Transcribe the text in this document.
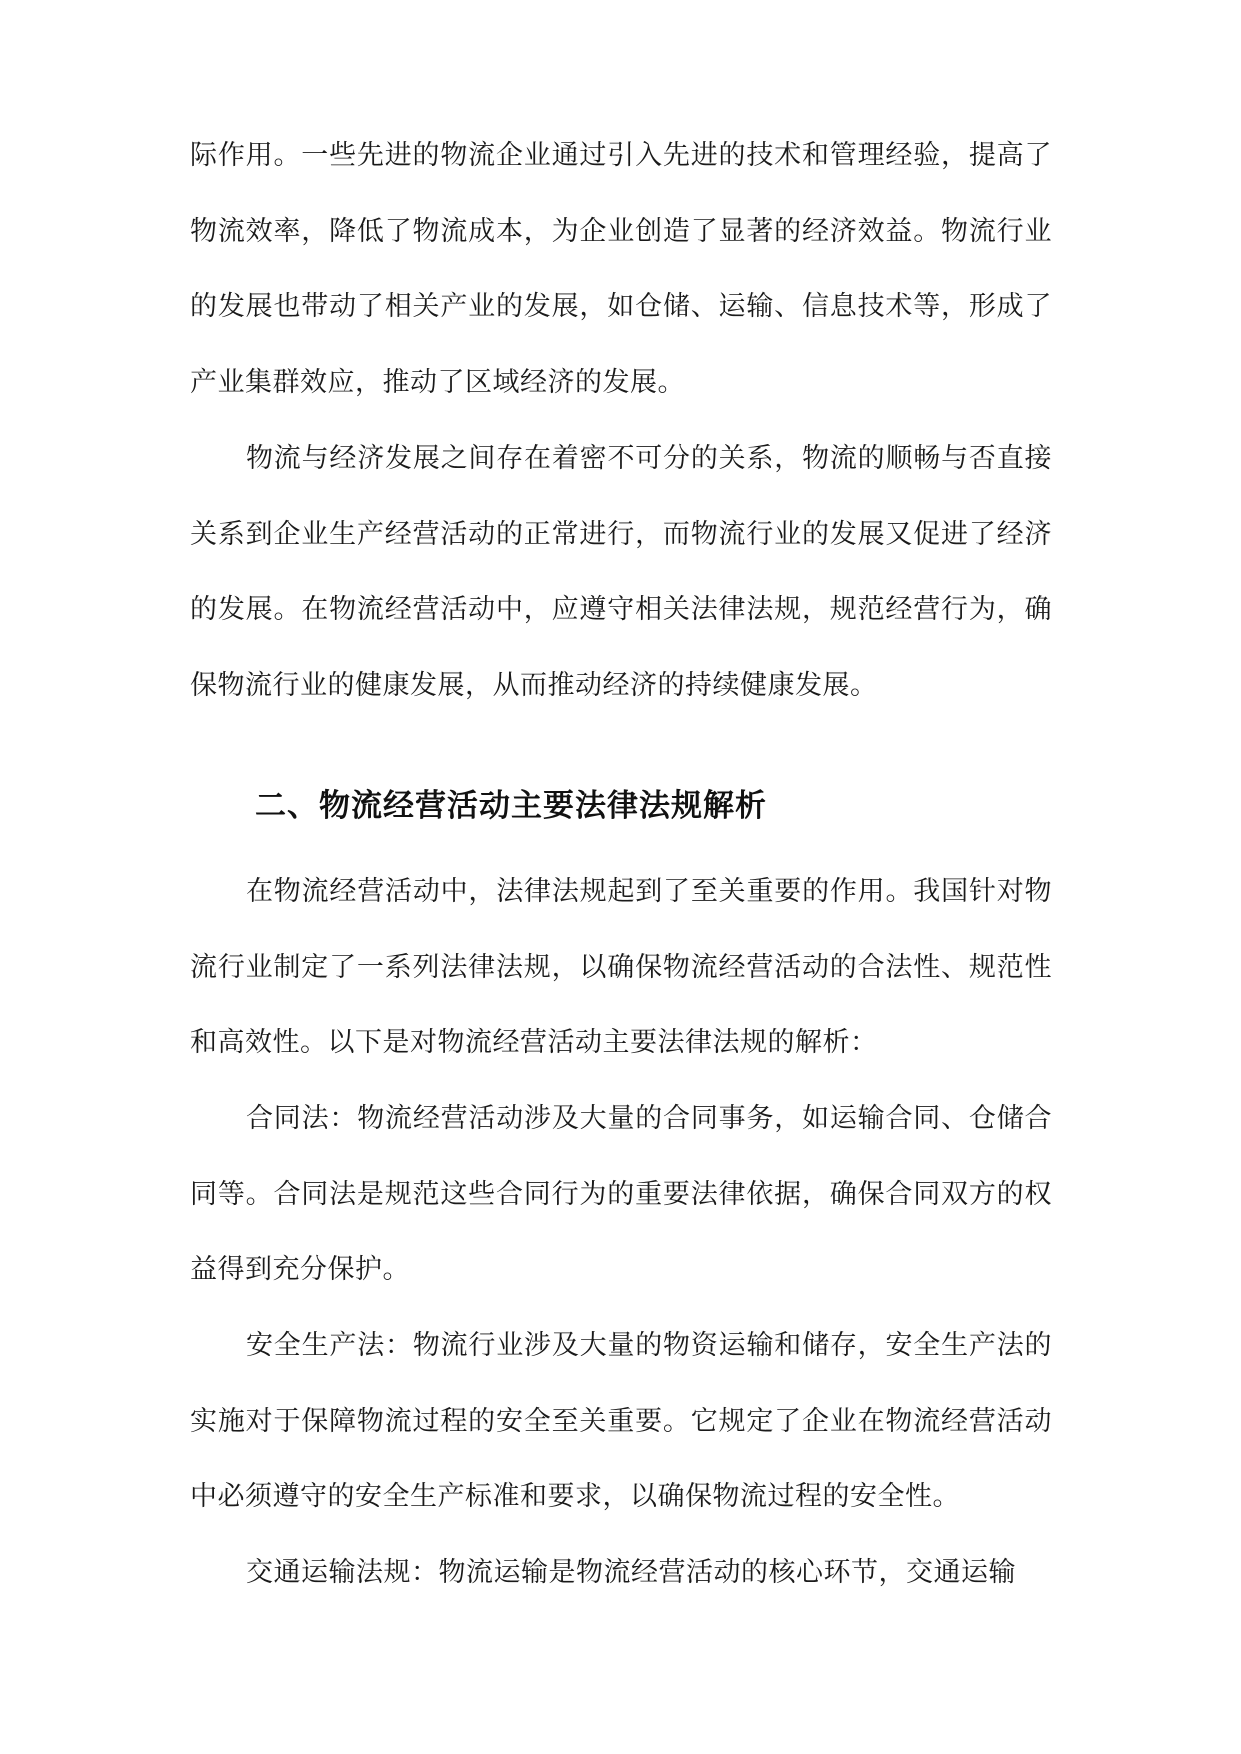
际作用。一些先进的物流企业通过引入先进的技术和管理经验，提高了物流效率，降低了物流成本，为企业创造了显著的经济效益。物流行业的发展也带动了相关产业的发展，如仓储、运输、信息技术等，形成了产业集群效应，推动了区域经济的发展。

物流与经济发展之间存在着密不可分的关系，物流的顺畅与否直接关系到企业生产经营活动的正常进行，而物流行业的发展又促进了经济的发展。在物流经营活动中，应遵守相关法律法规，规范经营行为，确保物流行业的健康发展，从而推动经济的持续健康发展。

二、物流经营活动主要法律法规解析

在物流经营活动中，法律法规起到了至关重要的作用。我国针对物流行业制定了一系列法律法规，以确保物流经营活动的合法性、规范性和高效性。以下是对物流经营活动主要法律法规的解析：

合同法：物流经营活动涉及大量的合同事务，如运输合同、仓储合同等。合同法是规范这些合同行为的重要法律依据，确保合同双方的权益得到充分保护。

安全生产法：物流行业涉及大量的物资运输和储存，安全生产法的实施对于保障物流过程的安全至关重要。它规定了企业在物流经营活动中必须遵守的安全生产标准和要求，以确保物流过程的安全性。

交通运输法规：物流运输是物流经营活动的核心环节，交通运输
